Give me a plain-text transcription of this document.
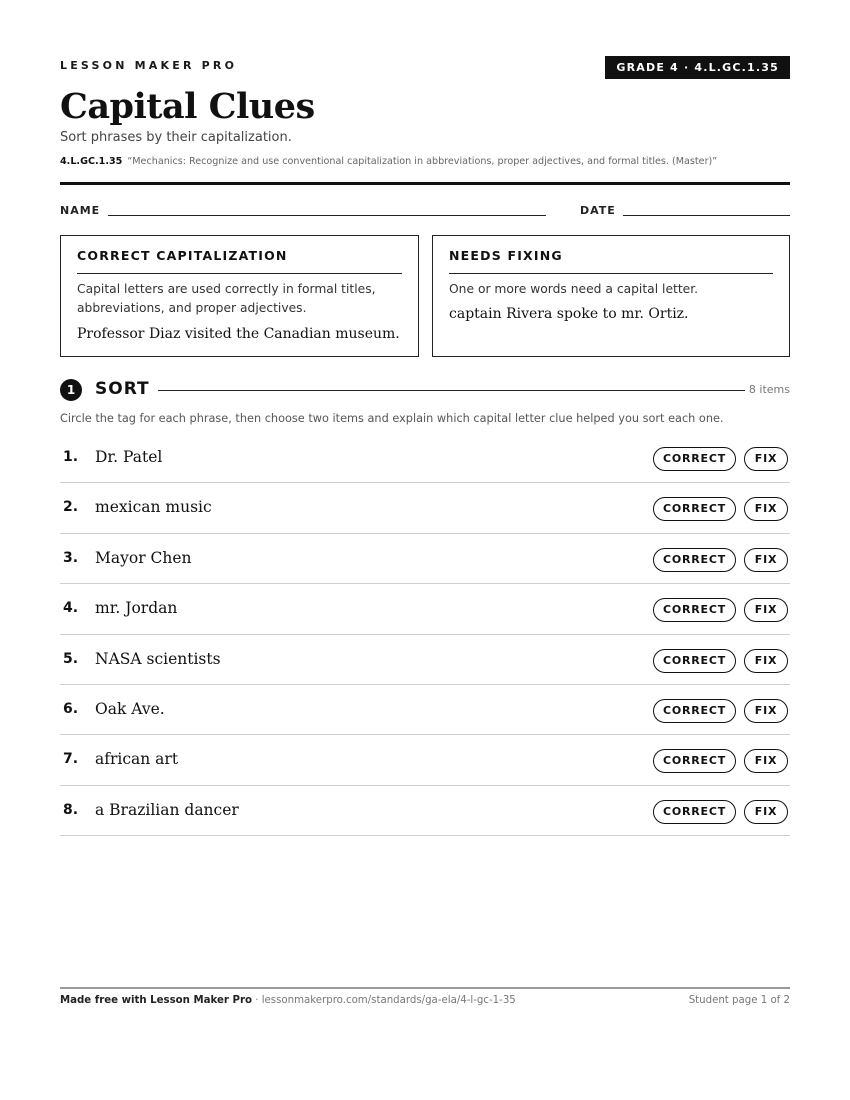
LESSON MAKER PRO	GRADE 4 · 4.L.GC.1.35
Capital Clues
Sort phrases by their capitalization.
4.L.GC.1.35 “Mechanics: Recognize and use conventional capitalization in abbreviations, proper adjectives, and formal titles. (Master)”
NAME	DATE
CORRECT CAPITALIZATION
Capital letters are used correctly in formal titles, abbreviations, and proper adjectives.
Professor Diaz visited the Canadian museum.
NEEDS FIXING
One or more words need a capital letter.
captain Rivera spoke to mr. Ortiz.
1	SORT	8 items
Circle the tag for each phrase, then choose two items and explain which capital letter clue helped you sort each one.
1. Dr. Patel	CORRECT	FIX
2. mexican music	CORRECT	FIX
3. Mayor Chen	CORRECT	FIX
4. mr. Jordan	CORRECT	FIX
5. NASA scientists	CORRECT	FIX
6. Oak Ave.	CORRECT	FIX
7. african art	CORRECT	FIX
8. a Brazilian dancer	CORRECT	FIX
Made free with Lesson Maker Pro · lessonmakerpro.com/standards/ga-ela/4-l-gc-1-35	Student page 1 of 2
